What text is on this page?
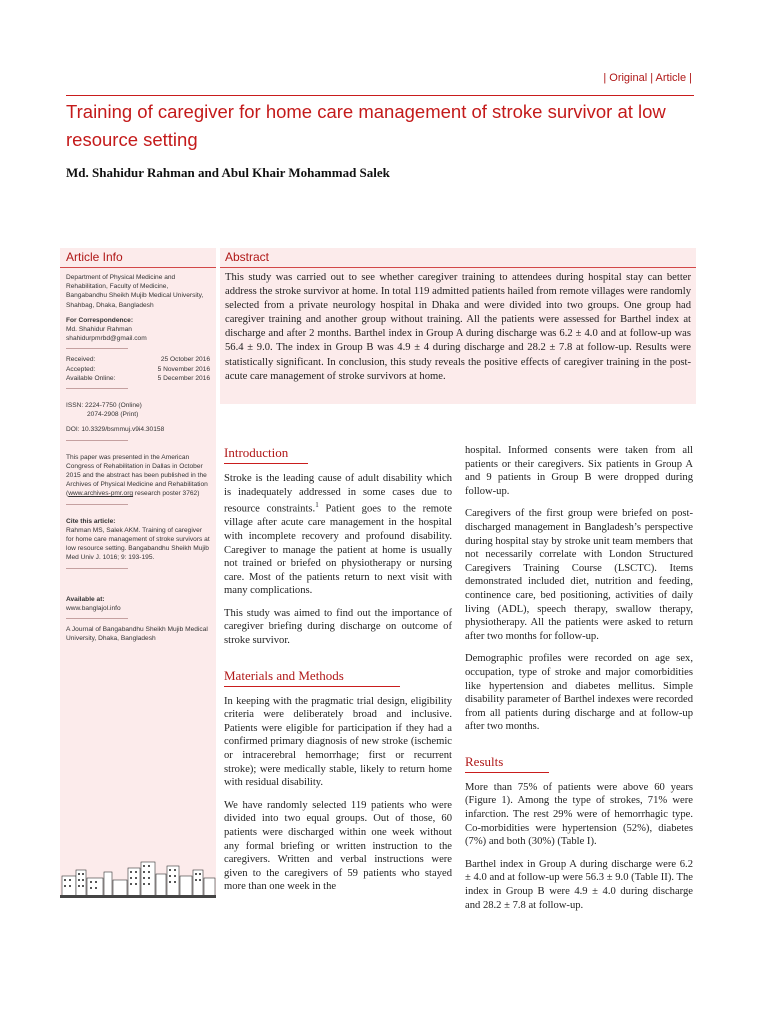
| Original | Article |
Training of caregiver for home care management of stroke survivor at low resource setting
Md. Shahidur Rahman and Abul Khair Mohammad Salek
Article Info
Department of Physical Medicine and Rehabilitation, Faculty of Medicine, Bangabandhu Sheikh Mujib Medical University, Shahbag, Dhaka, Bangladesh
For Correspondence:
Md. Shahidur Rahman
shahidurpmrbd@gmail.com
Received:	25 October 2016
Accepted:	5 November 2016
Available Online:	5 December 2016
ISSN: 2224-7750 (Online)
2074-2908 (Print)
DOI: 10.3329/bsmmuj.v9i4.30158
This paper was presented in the American Congress of Rehabilitation in Dallas in October 2015 and the abstract has been published in the Archives of Physical Medicine and Rehabilitation (www.archives-pmr.org research poster 3762)
Cite this article:
Rahman MS, Salek AKM. Training of caregiver for home care management of stroke survivors at low resource setting. Bangabandhu Sheikh Mujib Med Univ J. 1016; 9: 193-195.
Available at:
www.banglajol.info
A Journal of Bangabandhu Sheikh Mujib Medical University, Dhaka, Bangladesh
Abstract

This study was carried out to see whether caregiver training to attendees during hospital stay can better address the stroke survivor at home. In total 119 admitted patients hailed from remote villages were randomly selected from a private neurology hospital in Dhaka and were divided into two groups. One group had caregiver training and another group without training. All the patients were assessed for Barthel index at discharge and after 2 months. Barthel index in Group A during discharge was 6.2 ± 4.0 and at follow-up was 56.4 ± 9.0. The index in Group B was 4.9 ± 4 during discharge and 28.2 ± 7.8 at follow-up. Results were statistically significant. In conclusion, this study reveals the positive effects of caregiver training in the post-acute care management of stroke survivors at home.

Introduction

Stroke is the leading cause of adult disability which is inadequately addressed in some cases due to resource constraints.$^1$ Patient goes to the remote village after acute care management in the hospital with incomplete recovery and profound disability. Caregiver to manage the patient at home is usually not trained or briefed on physiotherapy or nursing care. Most of the patients return to next visit with many complications.

This study was aimed to find out the importance of caregiver briefing during discharge on outcome of stroke survivor.

Materials and Methods

In keeping with the pragmatic trial design, eligibility criteria were deliberately broad and inclusive. Patients were eligible for participation if they had a confirmed primary diagnosis of new stroke (ischemic or intracerebral hemorrhage; first or recurrent stroke); were medically stable, likely to return home with residual disability.

We have randomly selected 119 patients who were divided into two equal groups. Out of those, 60 patients were discharged within one week without any formal briefing or written instruction to the caregivers. Written and verbal instructions were given to the caregivers of 59 patients who stayed more than one week in the

hospital. Informed consents were taken from all patients or their caregivers. Six patients in Group A and 9 patients in Group B were dropped during follow-up.

Caregivers of the first group were briefed on post-discharged management in Bangladesh’s perspective during hospital stay by stroke unit team members that not necessarily correlate with London Structured Caregivers Training Course (LSCTC). Items demonstrated included diet, nutrition and feeding, continence care, bed positioning, activities of daily living (ADL), speech therapy, swallow therapy, physiotherapy. All the patients were asked to return after two months for follow-up.

Demographic profiles were recorded on age sex, occupation, type of stroke and major comorbidities like hypertension and diabetes mellitus. Simple disability parameter of Barthel indexes were recorded from all patients during discharge and at follow-up after two months.

Results

More than 75% of patients were above 60 years (Figure 1). Among the type of strokes, 71% were infarction. The rest 29% were of hemorrhagic type. Co-morbidities were hypertension (52%), diabetes (7%) and both (30%) (Table I).

Barthel index in Group A during discharge were 6.2 ± 4.0 and at follow-up were 56.3 ± 9.0 (Table II). The index in Group B were 4.9 ± 4.0 during discharge and 28.2 ± 7.8 at follow-up.
